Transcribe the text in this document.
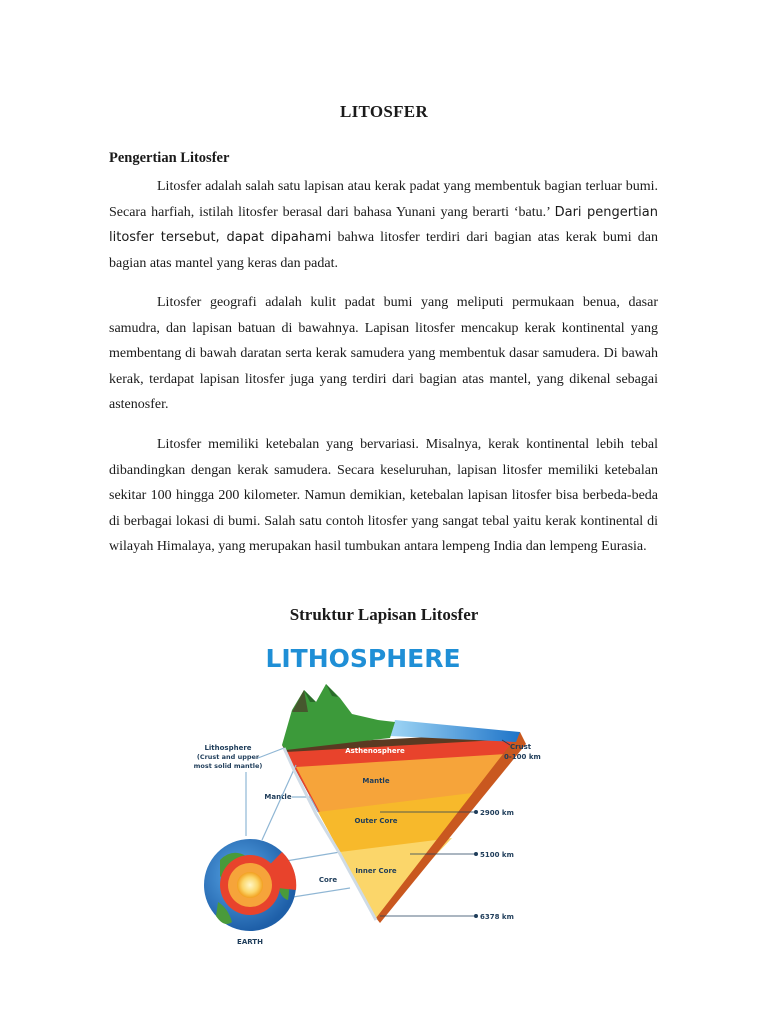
LITOSFER
Pengertian Litosfer

Litosfer adalah salah satu lapisan atau kerak padat yang membentuk bagian terluar bumi. Secara harfiah, istilah litosfer berasal dari bahasa Yunani yang berarti ‘batu.’ Dari pengertian litosfer tersebut, dapat dipahami bahwa litosfer terdiri dari bagian atas kerak bumi dan bagian atas mantel yang keras dan padat.

Litosfer geografi adalah kulit padat bumi yang meliputi permukaan benua, dasar samudra, dan lapisan batuan di bawahnya. Lapisan litosfer mencakup kerak kontinental yang membentang di bawah daratan serta kerak samudera yang membentuk dasar samudera. Di bawah kerak, terdapat lapisan litosfer juga yang terdiri dari bagian atas mantel, yang dikenal sebagai astenosfer.

Litosfer memiliki ketebalan yang bervariasi. Misalnya, kerak kontinental lebih tebal dibandingkan dengan kerak samudera. Secara keseluruhan, lapisan litosfer memiliki ketebalan sekitar 100 hingga 200 kilometer. Namun demikian, ketebalan lapisan litosfer bisa berbeda-beda di berbagai lokasi di bumi. Salah satu contoh litosfer yang sangat tebal yaitu kerak kontinental di wilayah Himalaya, yang merupakan hasil tumbukan antara lempeng India dan lempeng Eurasia.

Struktur Lapisan Litosfer
LITHOSPHERE
Asthenosphere
Mantle
Outer Core
Inner Core
2900 km
5100 km
6378 km
Crust
0-100 km
Lithosphere
(Crust and upper
most solid mantle)
Mantle
Core
EARTH
